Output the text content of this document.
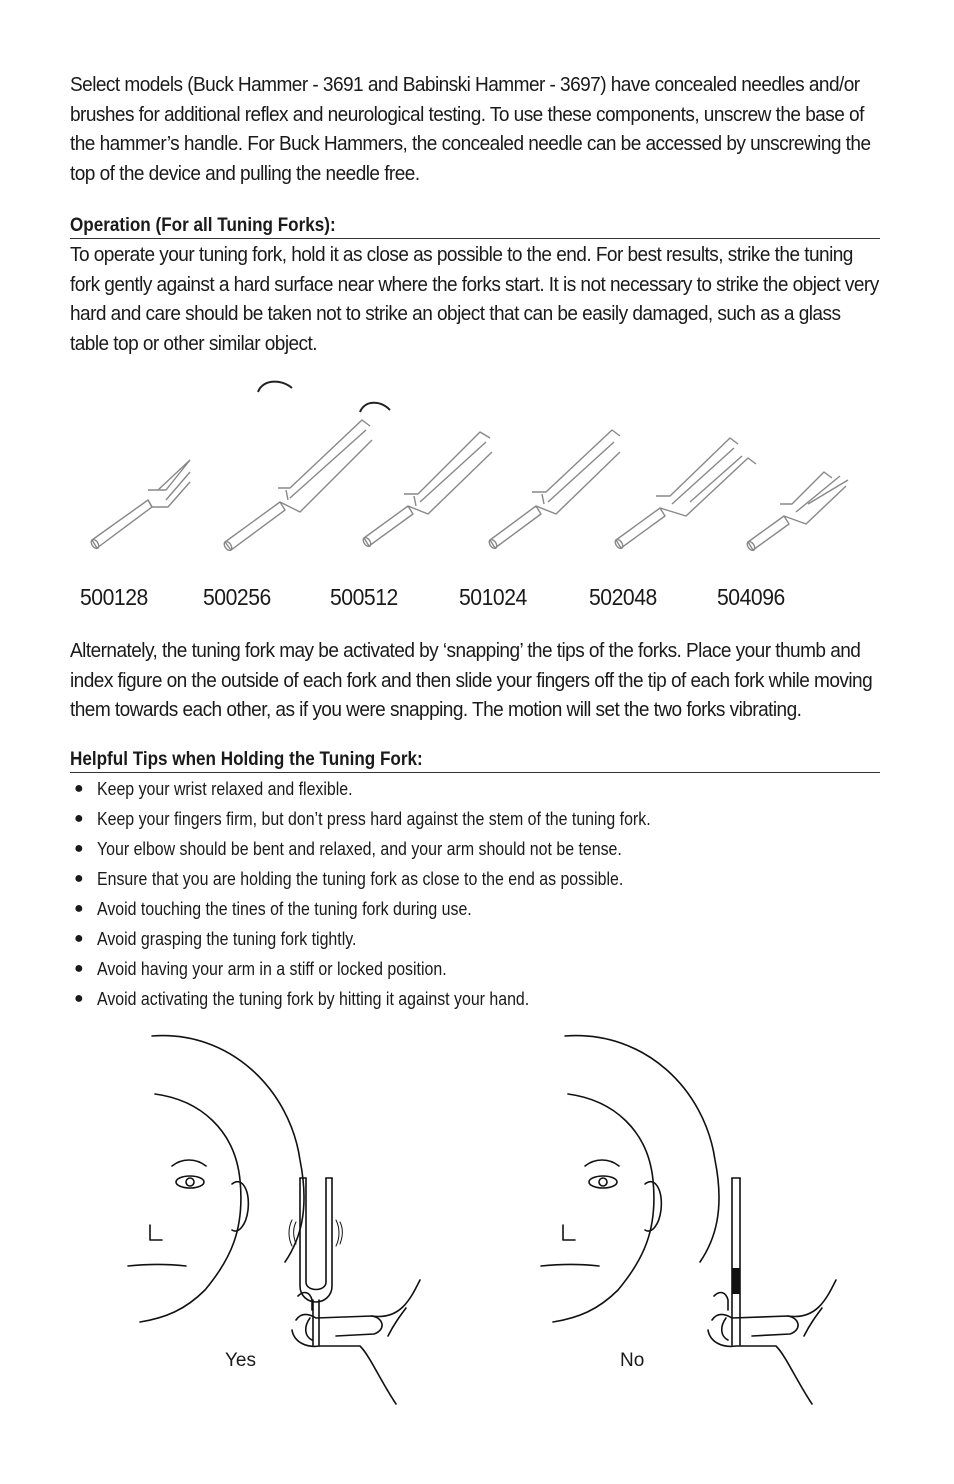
Select models (Buck Hammer - 3691 and Babinski Hammer - 3697) have concealed needles and/or brushes for additional reflex and neurological testing. To use these components, unscrew the base of the hammer’s handle. For Buck Hammers, the concealed needle can be accessed by unscrewing the top of the device and pulling the needle free.
Operation (For all Tuning Forks):
To operate your tuning fork, hold it as close as possible to the end. For best results, strike the tuning fork gently against a hard surface near where the forks start. It is not necessary to strike the object very hard and care should be taken not to strike an object that can be easily damaged, such as a glass table top or other similar object.
500128 500256	500512	501024	502048	504096
Alternately, the tuning fork may be activated by ‘snapping’ the tips of the forks. Place your thumb and index figure on the outside of each fork and then slide your fingers off the tip of each fork while moving them towards each other, as if you were snapping. The motion will set the two forks vibrating.
Helpful Tips when Holding the Tuning Fork:
● Keep your wrist relaxed and flexible.
● Keep your fingers firm, but don’t press hard against the stem of the tuning fork.
● Your elbow should be bent and relaxed, and your arm should not be tense.
● Ensure that you are holding the tuning fork as close to the end as possible.
● Avoid touching the tines of the tuning fork during use.
● Avoid grasping the tuning fork tightly.
● Avoid having your arm in a stiff or locked position.
● Avoid activating the tuning fork by hitting it against your hand.
Yes	No
